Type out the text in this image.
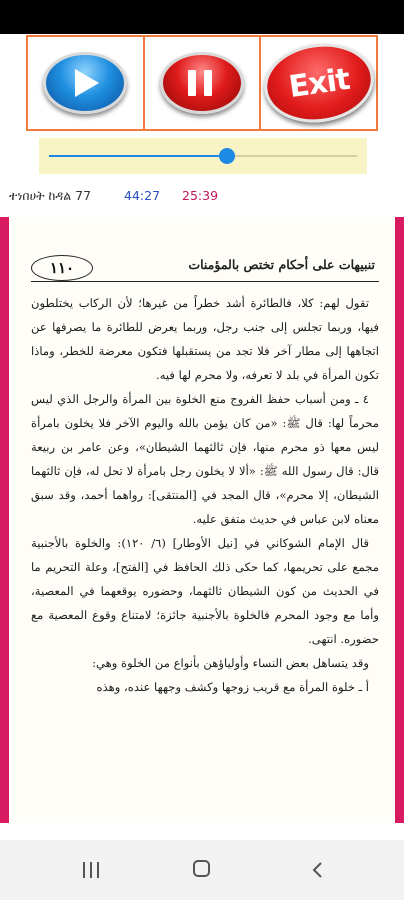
Exit
ተነበሀት ከዳል 77	44:27 25:39
١١٠	تنبيهات على أحكام تختص بالمؤمنات

تقول لهم: كلا، فالطائرة أشد خطراً من غيرها؛ لأن الركاب يختلطون فيها، وربما تجلس إلى جنب رجل، وربما يعرض للطائرة ما يصرفها عن اتجاهها إلى مطار آخر فلا تجد من يستقبلها فتكون معرضة للخطر، وماذا تكون المرأة في بلد لا تعرفه، ولا محرم لها فيه.

٤ ـ ومن أسباب حفظ الفروج منع الخلوة بين المرأة والرجل الذي ليس محرماً لها: قال ﷺ: «من كان يؤمن بالله واليوم الآخر فلا يخلون بامرأة ليس معها ذو محرم منها، فإن ثالثهما الشيطان»، وعن عامر بن ربيعة قال: قال رسول الله ﷺ: «ألا لا يخلون رجل بامرأة لا تحل له، فإن ثالثهما الشيطان، إلا محرم»، قال المجد في [المنتقى]: رواهما أحمد، وقد سبق معناه لابن عباس في حديث متفق عليه.

قال الإمام الشوكاني في [نيل الأوطار] (٦/ ١٢٠): والخلوة بالأجنبية مجمع على تحريمها، كما حكى ذلك الحافظ في [الفتح]، وعلة التحريم ما في الحديث من كون الشيطان ثالثهما، وحضوره يوقعهما في المعصية، وأما مع وجود المحرم فالخلوة بالأجنبية جائزة؛ لامتناع وقوع المعصية مع حضوره. انتهى.

وقد يتساهل بعض النساء وأولياؤهن بأنواع من الخلوة وهي:

أ ـ خلوة المرأة مع قريب زوجها وكشف وجهها عنده، وهذه
